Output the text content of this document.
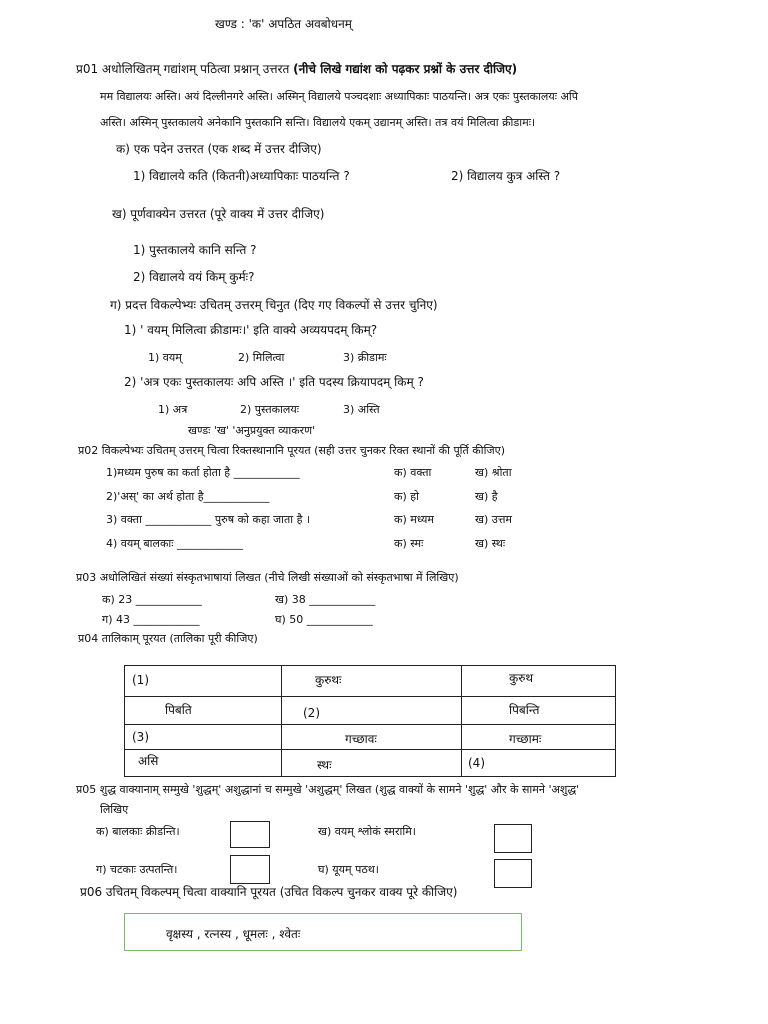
खण्ड : 'क' अपठित अवबोधनम्
प्र01 अधोलिखितम् गद्यांशम् पठित्वा प्रश्नान् उत्तरत (नीचे लिखे गद्यांश को पढ़कर प्रश्नों के उत्तर दीजिए)
मम विद्यालयः अस्ति। अयं दिल्लीनगरे अस्ति। अस्मिन् विद्यालये पञ्चदशाः अध्यापिकाः पाठयन्ति। अत्र एकः पुस्तकालयः अपि
अस्ति। अस्मिन् पुस्तकालये अनेकानि पुस्तकानि सन्ति। विद्यालये एकम् उद्यानम् अस्ति। तत्र वयं मिलित्वा क्रीडामः।
क) एक पदेन उत्तरत (एक शब्द में उत्तर दीजिए)
1) विद्यालये कति (कितनी)अध्यापिकाः पाठयन्ति ?	2) विद्यालय कुत्र अस्ति ?
ख) पूर्णवाक्येन उत्तरत (पूरे वाक्य में उत्तर दीजिए)
1) पुस्तकालये कानि सन्ति ?
2) विद्यालये वयं किम् कुर्मः?
ग) प्रदत्त विकल्पेभ्यः उचितम् उत्तरम् चिनुत (दिए गए विकल्पों से उत्तर चुनिए)
1) ' वयम् मिलित्वा क्रीडामः।' इति वाक्ये अव्ययपदम् किम्?
1) वयम्	2) मिलित्वा	3) क्रीडामः
2) 'अत्र एकः पुस्तकालयः अपि अस्ति ।' इति पदस्य क्रियापदम् किम् ?
1) अत्र	2) पुस्तकालयः	3) अस्ति
खण्डः 'ख' 'अनुप्रयुक्त व्याकरण'
प्र02 विकल्पेभ्यः उचितम् उत्तरम् चित्वा रिक्तस्थानानि पूरयत (सही उत्तर चुनकर रिक्त स्थानों की पूर्ति कीजिए)
1)मध्यम पुरुष का कर्ता होता है ____________	क) वक्ता	ख) श्रोता
2)'अस्' का अर्थ होता है____________	क) हो	ख) है
3) वक्ता ____________ पुरुष को कहा जाता है ।	क) मध्यम	ख) उत्तम
4) वयम् बालकाः ____________	क) स्मः	ख) स्थः
प्र03 अधोलिखितं संख्यां संस्कृतभाषायां लिखत (नीचे लिखी संख्याओं को संस्कृतभाषा में लिखिए)
क) 23 ____________	ख) 38 ____________
ग) 43 ____________	घ) 50 ____________
प्र04 तालिकाम् पूरयत (तालिका पूरी कीजिए)
(1)	कुरुथः	कुरुथ
पिबति	(2)	पिबन्ति
(3)	गच्छावः	गच्छामः
असि	स्थः	(4)
प्र05 शुद्ध वाक्यानाम् सम्मुखे 'शुद्धम्' अशुद्धानां च सम्मुखे 'अशुद्धम्' लिखत (शुद्ध वाक्यों के सामने 'शुद्ध' और के सामने 'अशुद्ध'
लिखिए
क) बालकाः क्रीडन्ति।	ख) वयम् श्लोकं स्मरामि।
ग) चटकाः उत्पतन्ति।	घ) यूयम् पठथ।
प्र06 उचितम् विकल्पम् चित्वा वाक्यानि पूरयत (उचित विकल्प चुनकर वाक्य पूरे कीजिए)
वृक्षस्य , रत्नस्य , धूमलः , श्वेतः
